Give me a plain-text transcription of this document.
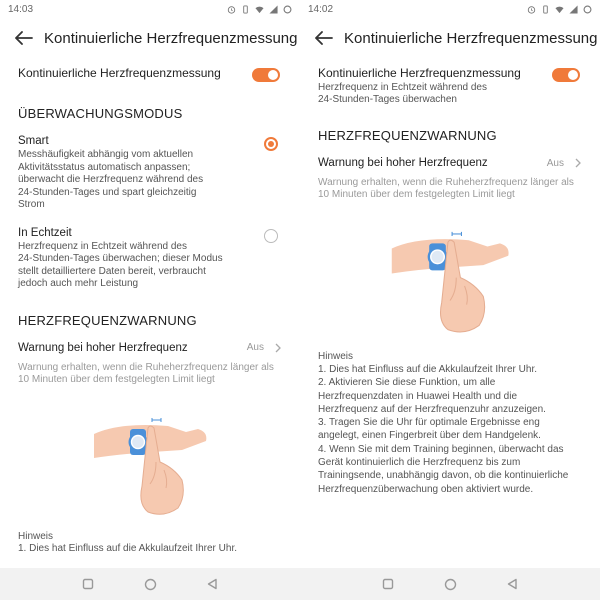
14:03
Kontinuierliche Herzfrequenzmessung
Kontinuierliche Herzfrequenzmessung
ÜBERWACHUNGSMODUS
Smart
Messhäufigkeit abhängig vom aktuellen
Aktivitätsstatus automatisch anpassen;
überwacht die Herzfrequenz während des
24-Stunden-Tages und spart gleichzeitig
Strom
In Echtzeit
Herzfrequenz in Echtzeit während des
24-Stunden-Tages überwachen; dieser Modus
stellt detailliertere Daten bereit, verbraucht
jedoch auch mehr Leistung
HERZFREQUENZWARNUNG
Warnung bei hoher Herzfrequenz	Aus
Warnung erhalten, wenn die Ruheherzfrequenz länger als
10 Minuten über dem festgelegten Limit liegt
Hinweis
1. Dies hat Einfluss auf die Akkulaufzeit Ihrer Uhr.
14:02
Kontinuierliche Herzfrequenzmessung
Kontinuierliche Herzfrequenzmessung
Herzfrequenz in Echtzeit während des
24-Stunden-Tages überwachen
HERZFREQUENZWARNUNG
Warnung bei hoher Herzfrequenz	Aus
Warnung erhalten, wenn die Ruheherzfrequenz länger als
10 Minuten über dem festgelegten Limit liegt
Hinweis
1. Dies hat Einfluss auf die Akkulaufzeit Ihrer Uhr.
2. Aktivieren Sie diese Funktion, um alle
Herzfrequenzdaten in Huawei Health und die
Herzfrequenz auf der Herzfrequenzuhr anzuzeigen.
3. Tragen Sie die Uhr für optimale Ergebnisse eng
angelegt, einen Fingerbreit über dem Handgelenk.
4. Wenn Sie mit dem Training beginnen, überwacht das
Gerät kontinuierlich die Herzfrequenz bis zum
Trainingsende, unabhängig davon, ob die kontinuierliche
Herzfrequenzüberwachung oben aktiviert wurde.
